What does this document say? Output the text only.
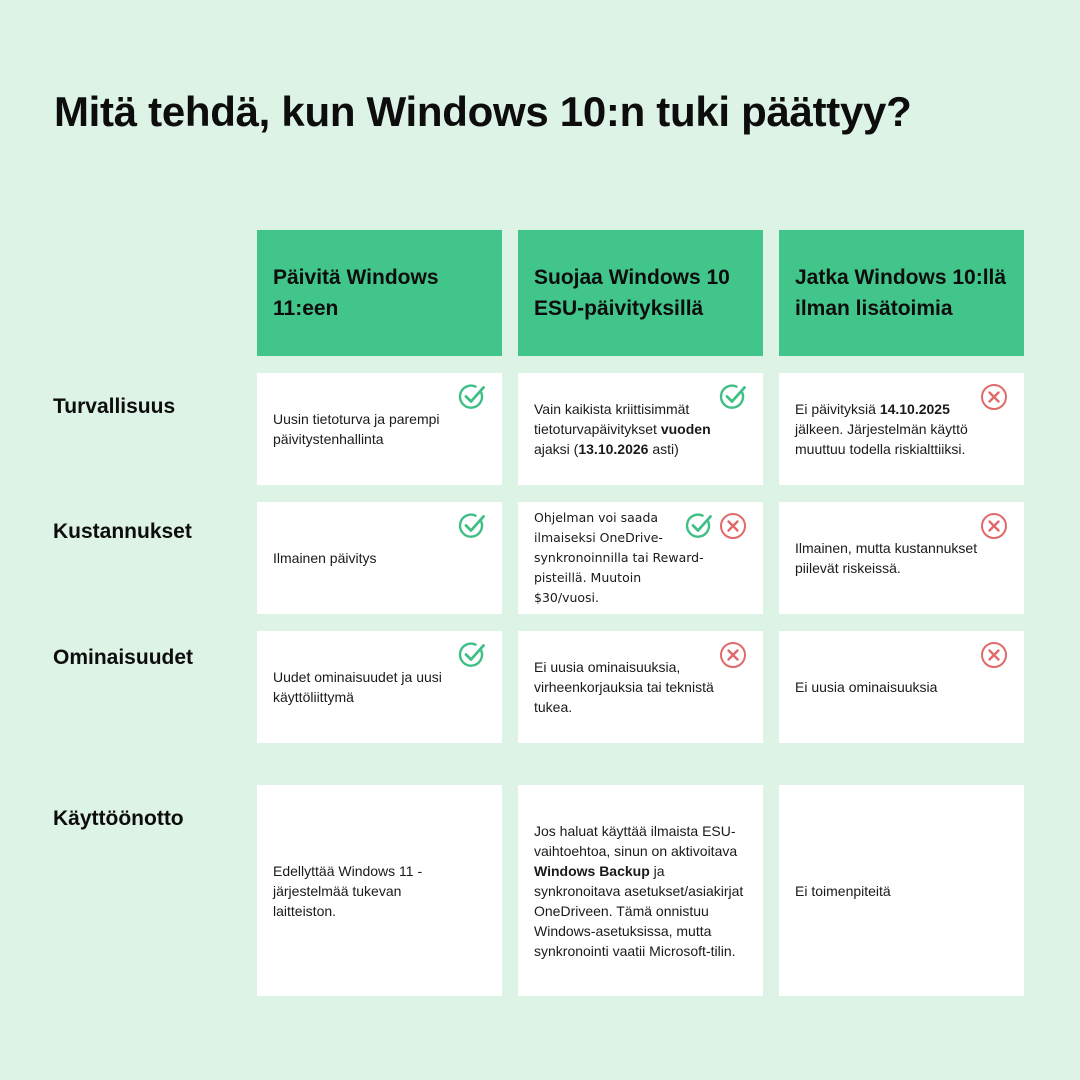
Mitä tehdä, kun Windows 10:n tuki päättyy?
Päivitä Windows 11:een
Suojaa Windows 10 ESU-päivityksillä
Jatka Windows 10:llä ilman lisätoimia
Turvallisuus
Kustannukset
Ominaisuudet
Käyttöönotto
Uusin tietoturva ja parempi päivitystenhallinta
Vain kaikista kriittisimmät tietoturvapäivitykset vuoden ajaksi (13.10.2026 asti)
Ei päivityksiä 14.10.2025 jälkeen. Järjestelmän käyttö muuttuu todella riskialttiiksi.
Ilmainen päivitys
Ohjelman voi saada ilmaiseksi OneDrive-synkronoinnilla tai Reward-pisteillä. Muutoin $30/vuosi.
Ilmainen, mutta kustannukset piilevät riskeissä.
Uudet ominaisuudet ja uusi käyttöliittymä
Ei uusia ominaisuuksia, virheenkorjauksia tai teknistä tukea.
Ei uusia ominaisuuksia
Edellyttää Windows 11 -järjestelmää tukevan laitteiston.
Jos haluat käyttää ilmaista ESU-vaihtoehtoa, sinun on aktivoitava Windows Backup ja synkronoitava asetukset/asiakirjat OneDriveen. Tämä onnistuu Windows-asetuksissa, mutta synkronointi vaatii Microsoft-tilin.
Ei toimenpiteitä
